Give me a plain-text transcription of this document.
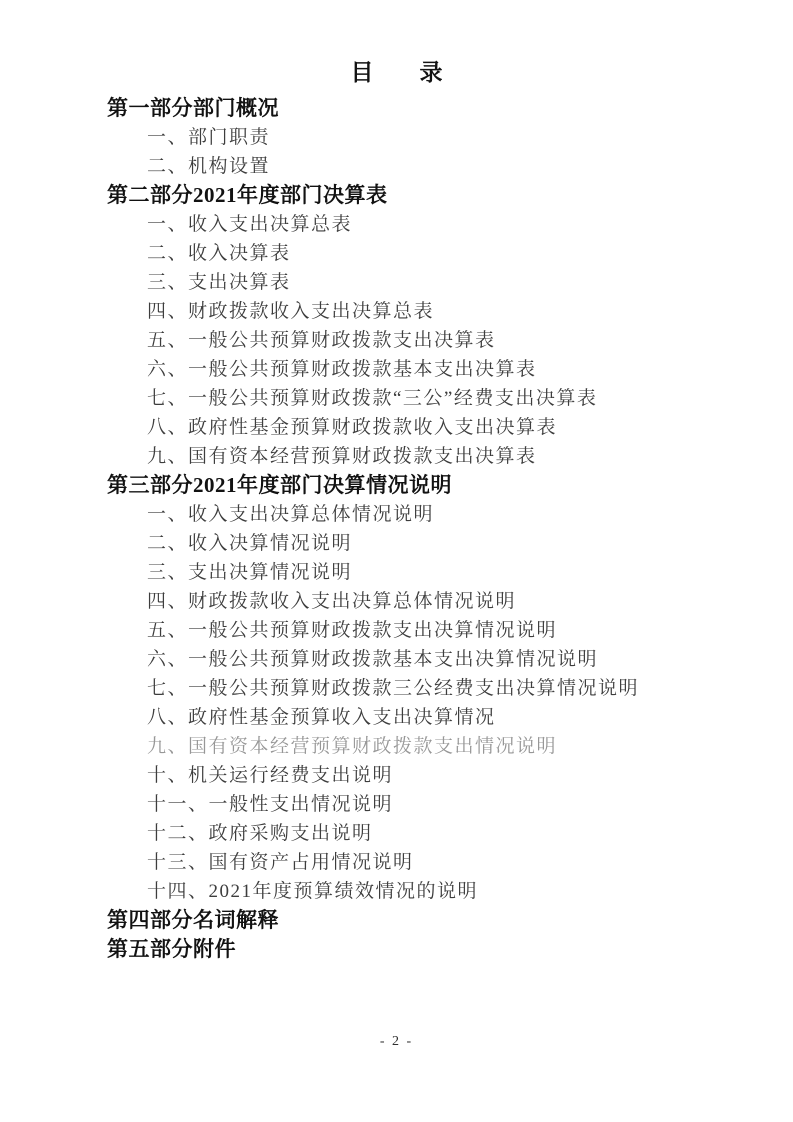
目　　录
第一部分部门概况
一、部门职责
二、机构设置
第二部分2021年度部门决算表
一、收入支出决算总表
二、收入决算表
三、支出决算表
四、财政拨款收入支出决算总表
五、一般公共预算财政拨款支出决算表
六、一般公共预算财政拨款基本支出决算表
七、一般公共预算财政拨款“三公”经费支出决算表
八、政府性基金预算财政拨款收入支出决算表
九、国有资本经营预算财政拨款支出决算表
第三部分2021年度部门决算情况说明
一、收入支出决算总体情况说明
二、收入决算情况说明
三、支出决算情况说明
四、财政拨款收入支出决算总体情况说明
五、一般公共预算财政拨款支出决算情况说明
六、一般公共预算财政拨款基本支出决算情况说明
七、一般公共预算财政拨款三公经费支出决算情况说明
八、政府性基金预算收入支出决算情况
九、国有资本经营预算财政拨款支出情况说明
十、机关运行经费支出说明
十一、一般性支出情况说明
十二、政府采购支出说明
十三、国有资产占用情况说明
十四、2021年度预算绩效情况的说明
第四部分名词解释
第五部分附件
- 2 -
